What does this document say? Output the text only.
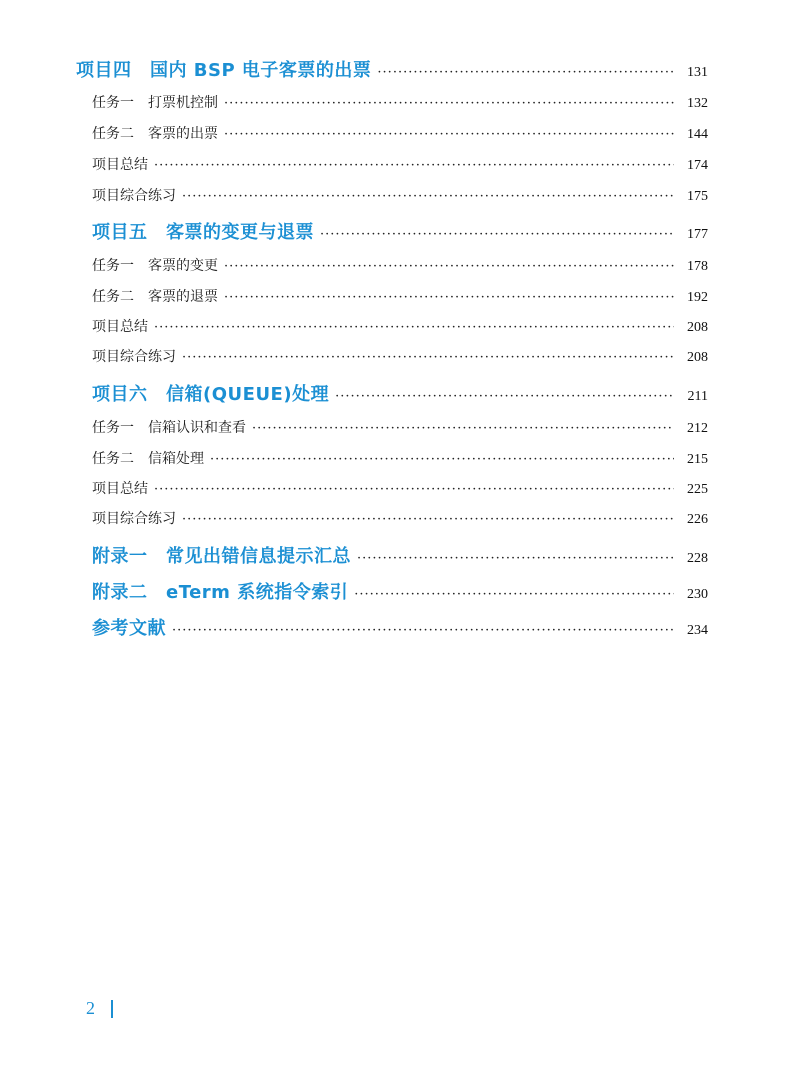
项目四　国内 BSP 电子客票的出票 ·····	131
任务一　打票机控制 ·····	132
任务二　客票的出票 ·····	144
项目总结 ·····	174
项目综合练习 ·····	175
项目五　客票的变更与退票 ·····	177
任务一　客票的变更 ·····	178
任务二　客票的退票 ·····	192
项目总结 ·····	208
项目综合练习 ·····	208
项目六　信箱(QUEUE)处理 ·····	211
任务一　信箱认识和查看 ·····	212
任务二　信箱处理 ·····	215
项目总结 ·····	225
项目综合练习 ·····	226
附录一　常见出错信息提示汇总 ·····	228
附录二　eTerm 系统指令索引 ·····	230
参考文献 ·····	234
2
